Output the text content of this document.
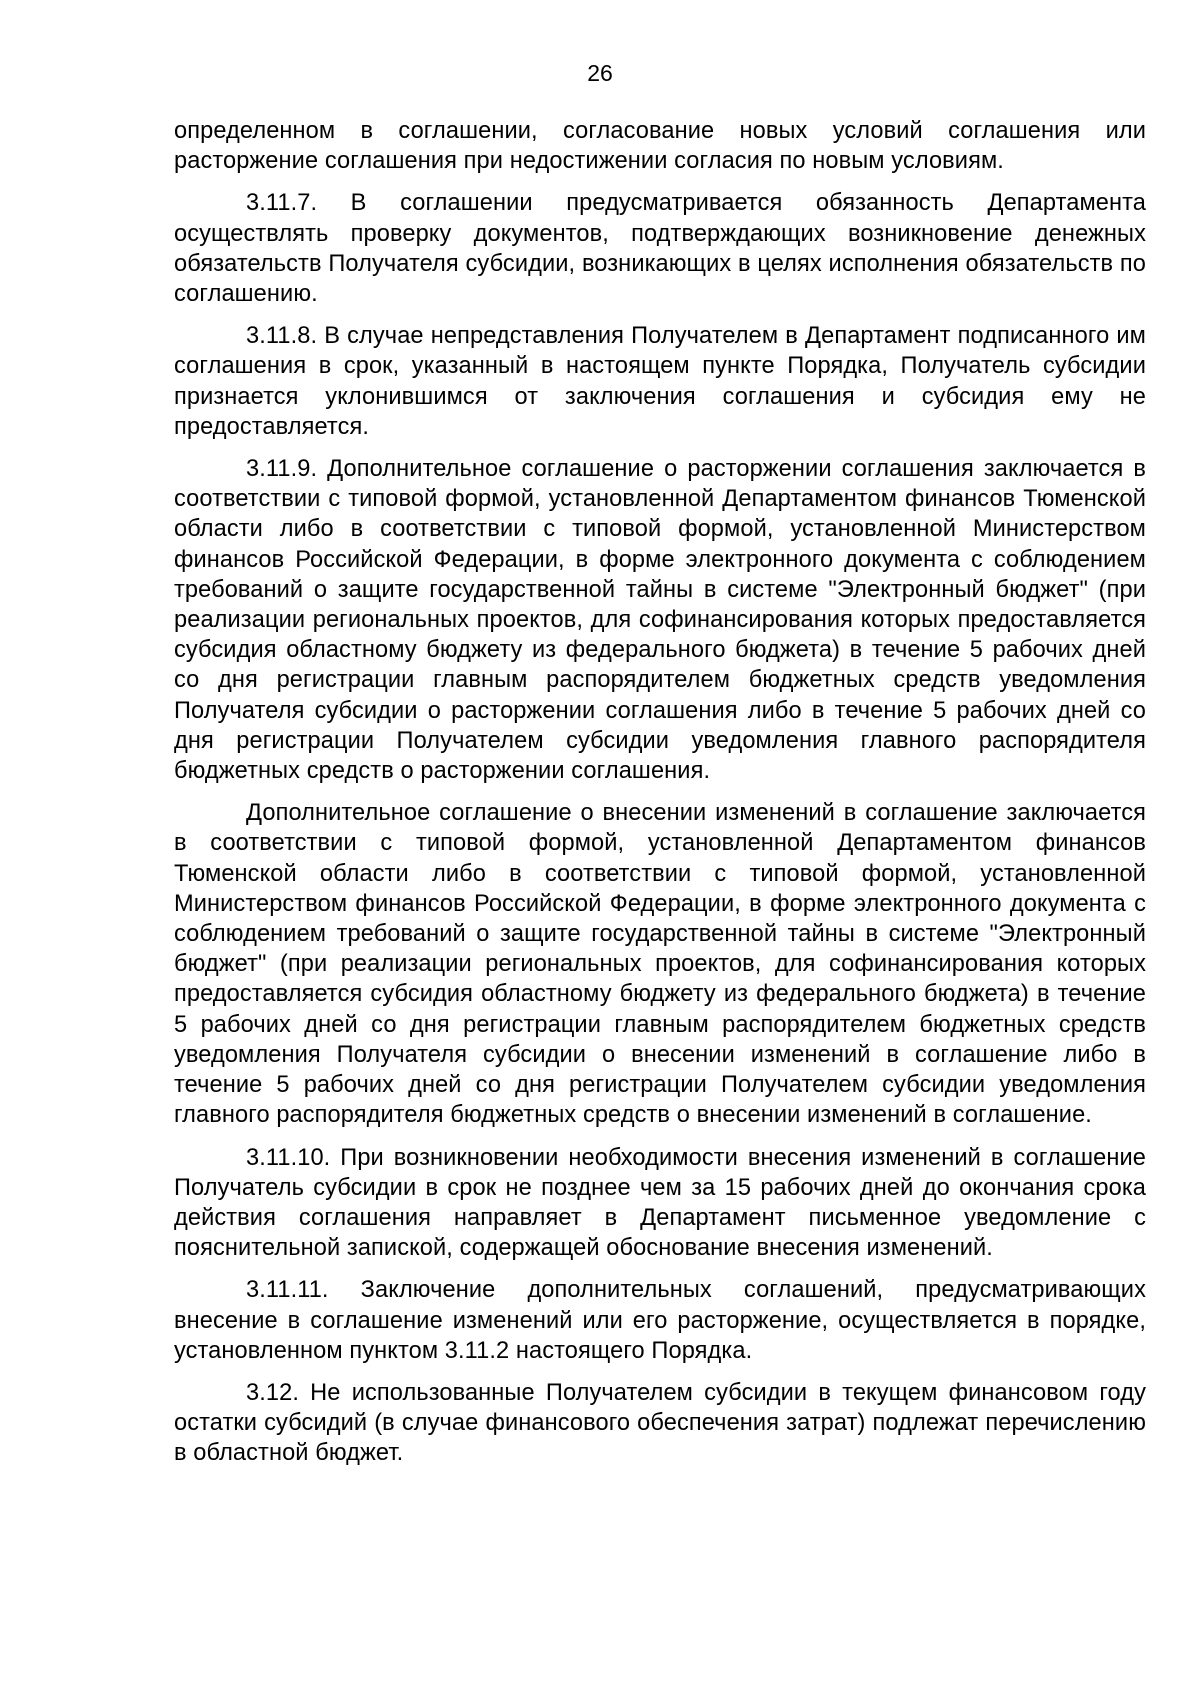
26

определенном в соглашении, согласование новых условий соглашения или расторжение соглашения при недостижении согласия по новым условиям.

3.11.7. В соглашении предусматривается обязанность Департамента осуществлять проверку документов, подтверждающих возникновение денежных обязательств Получателя субсидии, возникающих в целях исполнения обязательств по соглашению.

3.11.8. В случае непредставления Получателем в Департамент подписанного им соглашения в срок, указанный в настоящем пункте Порядка, Получатель субсидии признается уклонившимся от заключения соглашения и субсидия ему не предоставляется.

3.11.9. Дополнительное соглашение о расторжении соглашения заключается в соответствии с типовой формой, установленной Департаментом финансов Тюменской области либо в соответствии с типовой формой, установленной Министерством финансов Российской Федерации, в форме электронного документа с соблюдением требований о защите государственной тайны в системе "Электронный бюджет" (при реализации региональных проектов, для софинансирования которых предоставляется субсидия областному бюджету из федерального бюджета) в течение 5 рабочих дней со дня регистрации главным распорядителем бюджетных средств уведомления Получателя субсидии о расторжении соглашения либо в течение 5 рабочих дней со дня регистрации Получателем субсидии уведомления главного распорядителя бюджетных средств о расторжении соглашения.

Дополнительное соглашение о внесении изменений в соглашение заключается в соответствии с типовой формой, установленной Департаментом финансов Тюменской области либо в соответствии с типовой формой, установленной Министерством финансов Российской Федерации, в форме электронного документа с соблюдением требований о защите государственной тайны в системе "Электронный бюджет" (при реализации региональных проектов, для софинансирования которых предоставляется субсидия областному бюджету из федерального бюджета) в течение 5 рабочих дней со дня регистрации главным распорядителем бюджетных средств уведомления Получателя субсидии о внесении изменений в соглашение либо в течение 5 рабочих дней со дня регистрации Получателем субсидии уведомления главного распорядителя бюджетных средств о внесении изменений в соглашение.

3.11.10. При возникновении необходимости внесения изменений в соглашение Получатель субсидии в срок не позднее чем за 15 рабочих дней до окончания срока действия соглашения направляет в Департамент письменное уведомление с пояснительной запиской, содержащей обоснование внесения изменений.

3.11.11. Заключение дополнительных соглашений, предусматривающих внесение в соглашение изменений или его расторжение, осуществляется в порядке, установленном пунктом 3.11.2 настоящего Порядка.

3.12. Не использованные Получателем субсидии в текущем финансовом году остатки субсидий (в случае финансового обеспечения затрат) подлежат перечислению в областной бюджет.
